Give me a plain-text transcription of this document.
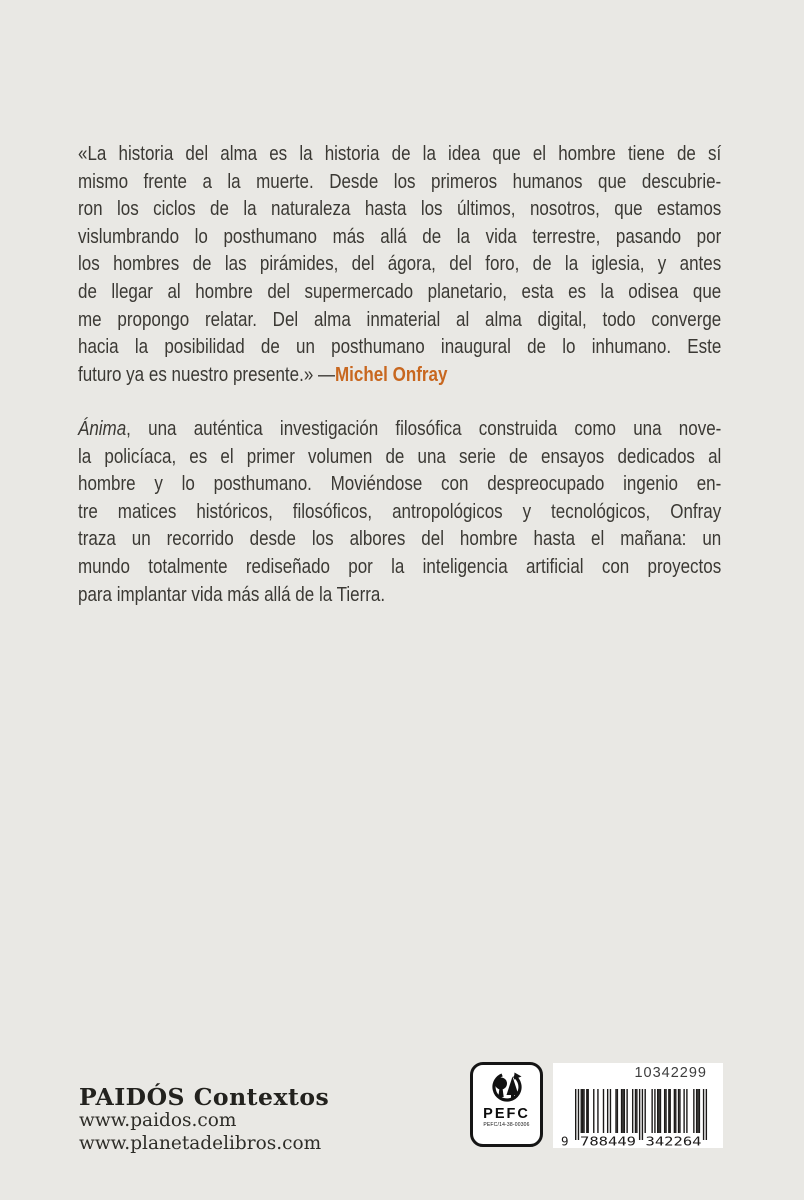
«La historia del alma es la historia de la idea que el hombre tiene de sí
mismo frente a la muerte. Desde los primeros humanos que descubrie-
ron los ciclos de la naturaleza hasta los últimos, nosotros, que estamos
vislumbrando lo posthumano más allá de la vida terrestre, pasando por
los hombres de las pirámides, del ágora, del foro, de la iglesia, y antes
de llegar al hombre del supermercado planetario, esta es la odisea que
me propongo relatar. Del alma inmaterial al alma digital, todo converge
hacia la posibilidad de un posthumano inaugural de lo inhumano. Este
futuro ya es nuestro presente.» —Michel Onfray
Ánima, una auténtica investigación filosófica construida como una nove-
la policíaca, es el primer volumen de una serie de ensayos dedicados al
hombre y lo posthumano. Moviéndose con despreocupado ingenio en-
tre matices históricos, filosóficos, antropológicos y tecnológicos, Onfray
traza un recorrido desde los albores del hombre hasta el mañana: un
mundo totalmente rediseñado por la inteligencia artificial con proyectos
para implantar vida más allá de la Tierra.
PAIDÓS Contextos
www.paidos.com
www.planetadelibros.com
PEFC
PEFC/14-38-00306
10342299
9 788449 342264
